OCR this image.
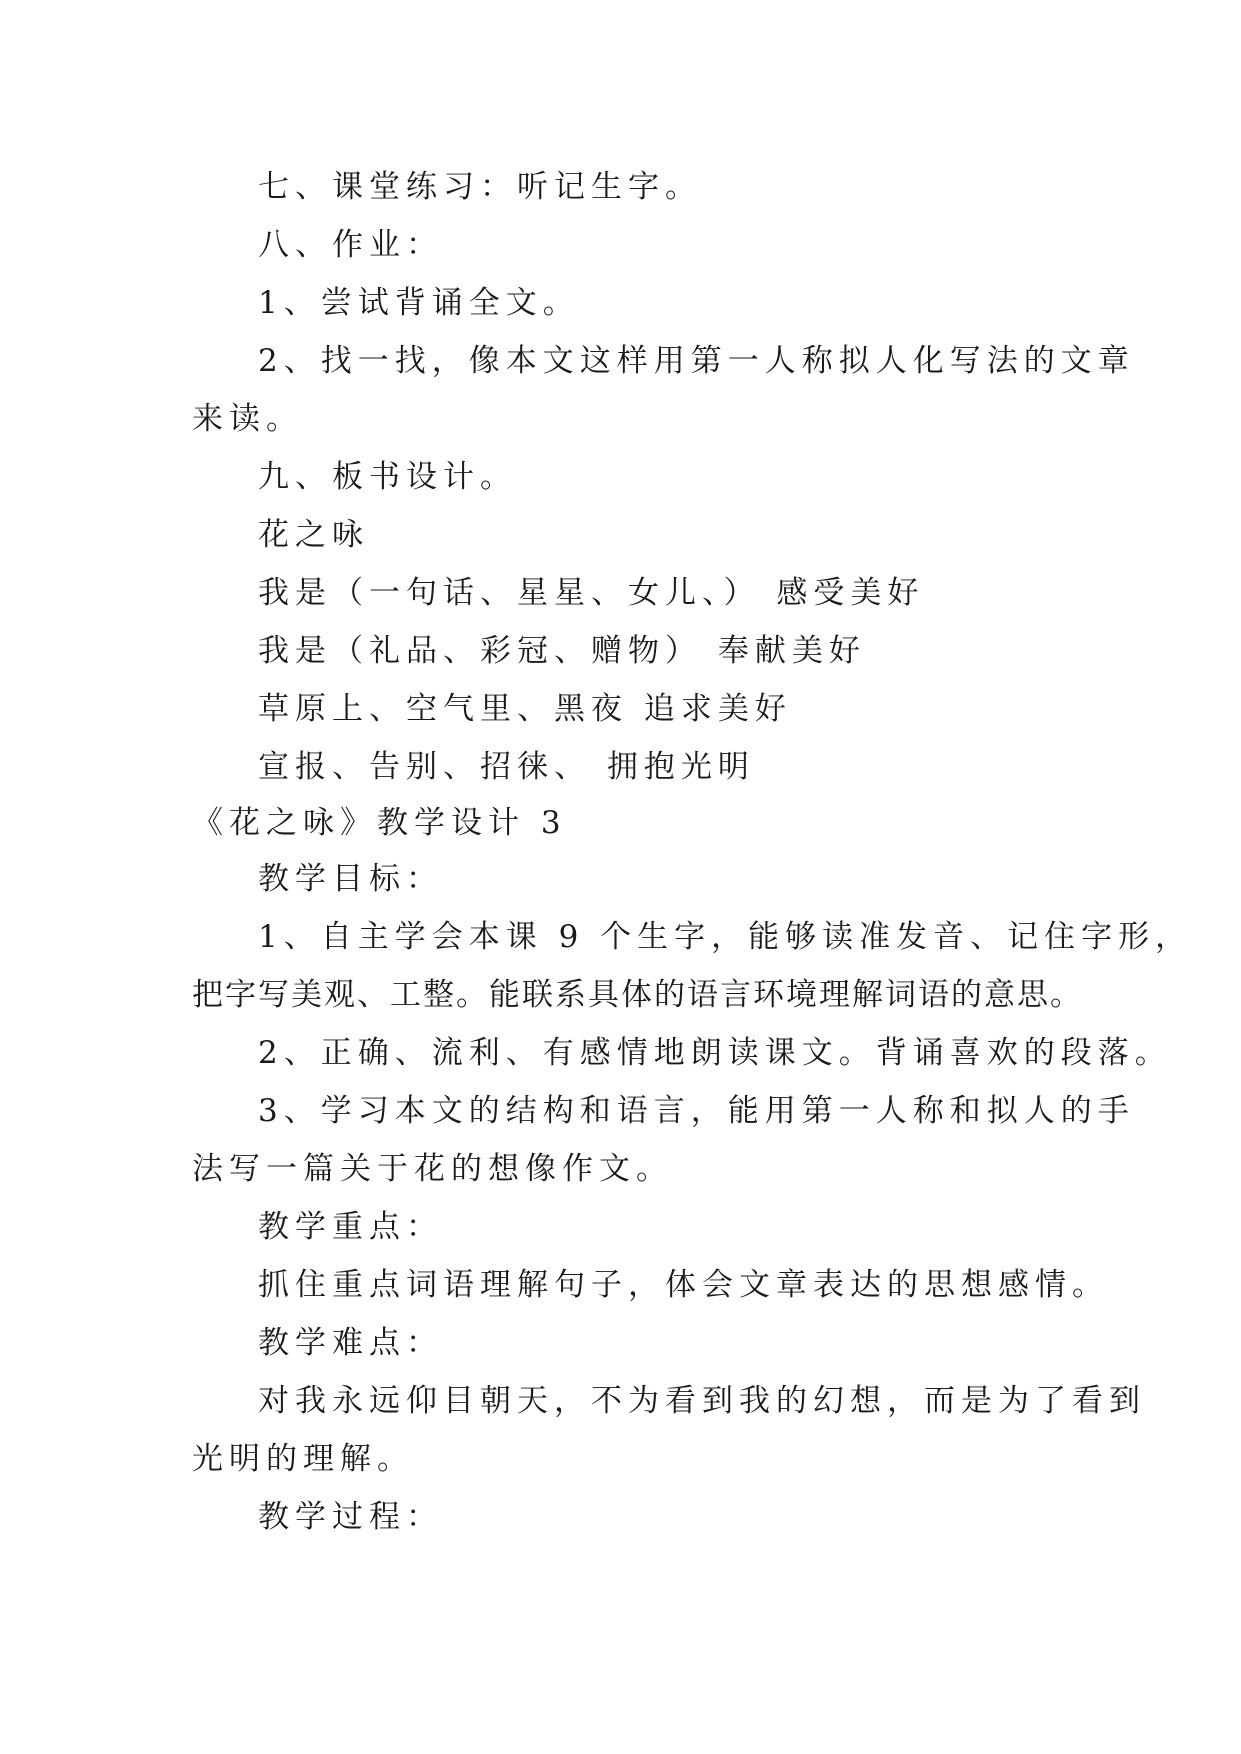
七、课堂练习：听记生字。
八、作业：
1、尝试背诵全文。
2、找一找，像本文这样用第一人称拟人化写法的文章
来读。
九、板书设计。
花之咏
我是（一句话、星星、女儿、） 感受美好
我是（礼品、彩冠、赠物） 奉献美好
草原上、空气里、黑夜 追求美好
宣报、告别、招徕、 拥抱光明
《花之咏》教学设计 3
教学目标：
1、自主学会本课 9 个生字，能够读准发音、记住字形，
把字写美观、工整。能联系具体的语言环境理解词语的意思。
2、正确、流利、有感情地朗读课文。背诵喜欢的段落。
3、学习本文的结构和语言，能用第一人称和拟人的手
法写一篇关于花的想像作文。
教学重点：
抓住重点词语理解句子，体会文章表达的思想感情。
教学难点：
对我永远仰目朝天，不为看到我的幻想，而是为了看到
光明的理解。
教学过程：
